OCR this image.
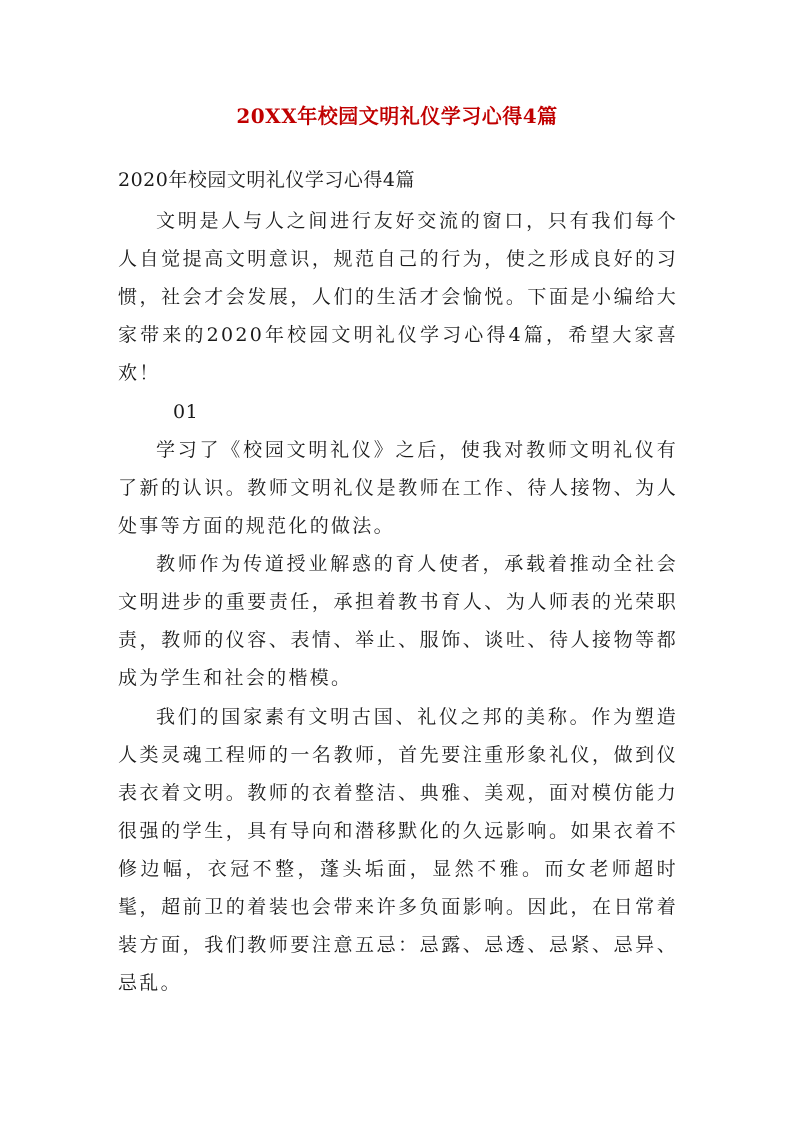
20XX年校园文明礼仪学习心得4篇
2020年校园文明礼仪学习心得4篇

文明是人与人之间进行友好交流的窗口，只有我们每个人自觉提高文明意识，规范自己的行为，使之形成良好的习惯，社会才会发展，人们的生活才会愉悦。下面是小编给大家带来的2020年校园文明礼仪学习心得4篇，希望大家喜欢！

01

学习了《校园文明礼仪》之后，使我对教师文明礼仪有了新的认识。教师文明礼仪是教师在工作、待人接物、为人处事等方面的规范化的做法。

教师作为传道授业解惑的育人使者，承载着推动全社会文明进步的重要责任，承担着教书育人、为人师表的光荣职责，教师的仪容、表情、举止、服饰、谈吐、待人接物等都成为学生和社会的楷模。

我们的国家素有文明古国、礼仪之邦的美称。作为塑造人类灵魂工程师的一名教师，首先要注重形象礼仪，做到仪表衣着文明。教师的衣着整洁、典雅、美观，面对模仿能力很强的学生，具有导向和潜移默化的久远影响。如果衣着不修边幅，衣冠不整，蓬头垢面，显然不雅。而女老师超时髦，超前卫的着装也会带来许多负面影响。因此，在日常着装方面，我们教师要注意五忌：忌露、忌透、忌紧、忌异、忌乱。
